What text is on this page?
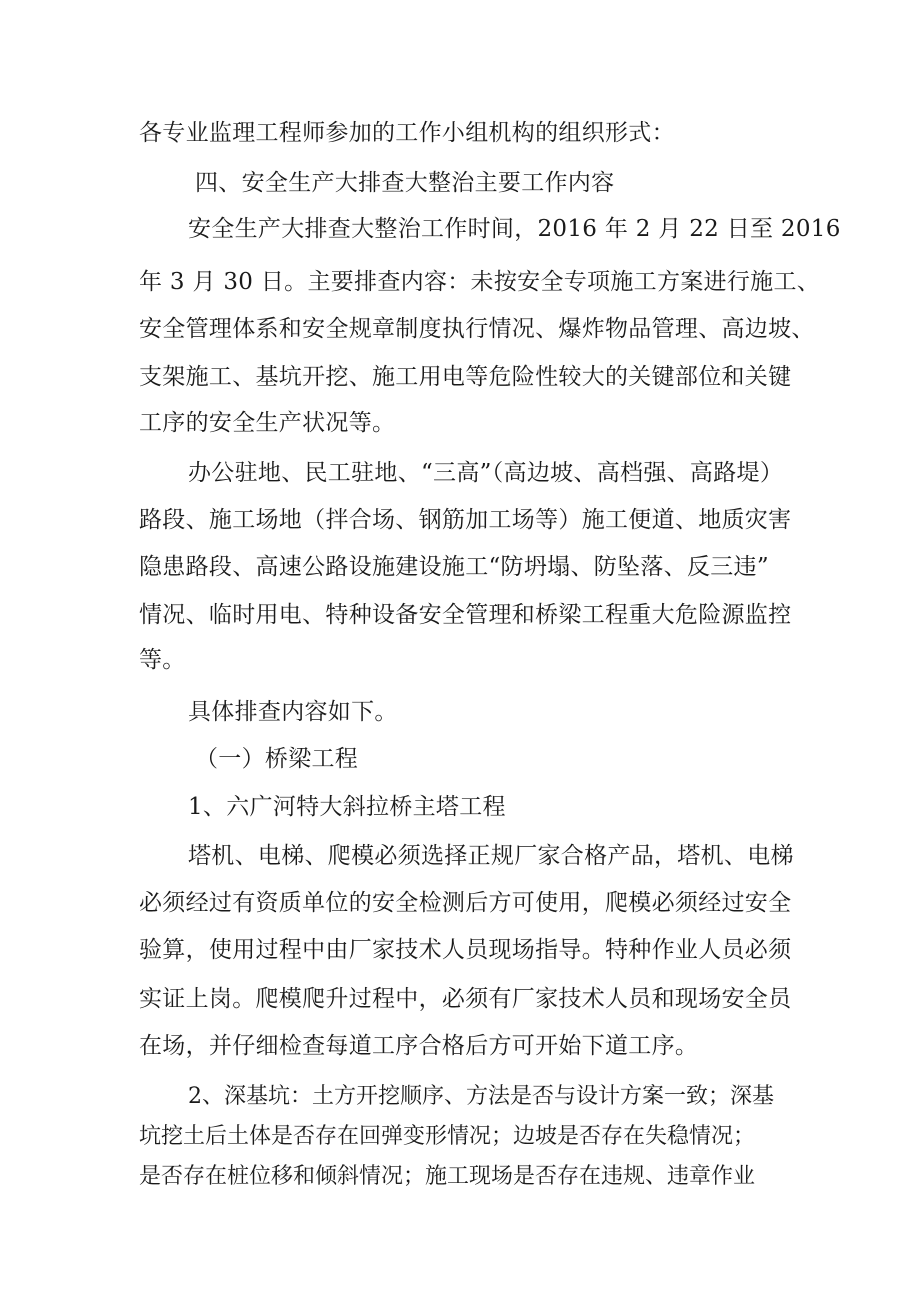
各专业监理工程师参加的工作小组机构的组织形式：
四、安全生产大排查大整治主要工作内容
安全生产大排查大整治工作时间，2016 年 2 月 22 日至 2016
年 3 月 30 日。主要排查内容：未按安全专项施工方案进行施工、
安全管理体系和安全规章制度执行情况、爆炸物品管理、高边坡、
支架施工、基坑开挖、施工用电等危险性较大的关键部位和关键
工序的安全生产状况等。
办公驻地、民工驻地、“三高”（高边坡、高档强、高路堤）
路段、施工场地（拌合场、钢筋加工场等）施工便道、地质灾害
隐患路段、高速公路设施建设施工“防坍塌、防坠落、反三违”
情况、临时用电、特种设备安全管理和桥梁工程重大危险源监控
等。
具体排查内容如下。
（一）桥梁工程
1、六广河特大斜拉桥主塔工程
塔机、电梯、爬模必须选择正规厂家合格产品，塔机、电梯
必须经过有资质单位的安全检测后方可使用，爬模必须经过安全
验算，使用过程中由厂家技术人员现场指导。特种作业人员必须
实证上岗。爬模爬升过程中，必须有厂家技术人员和现场安全员
在场，并仔细检查每道工序合格后方可开始下道工序。
2、深基坑：土方开挖顺序、方法是否与设计方案一致；深基
坑挖土后土体是否存在回弹变形情况；边坡是否存在失稳情况；
是否存在桩位移和倾斜情况；施工现场是否存在违规、违章作业
